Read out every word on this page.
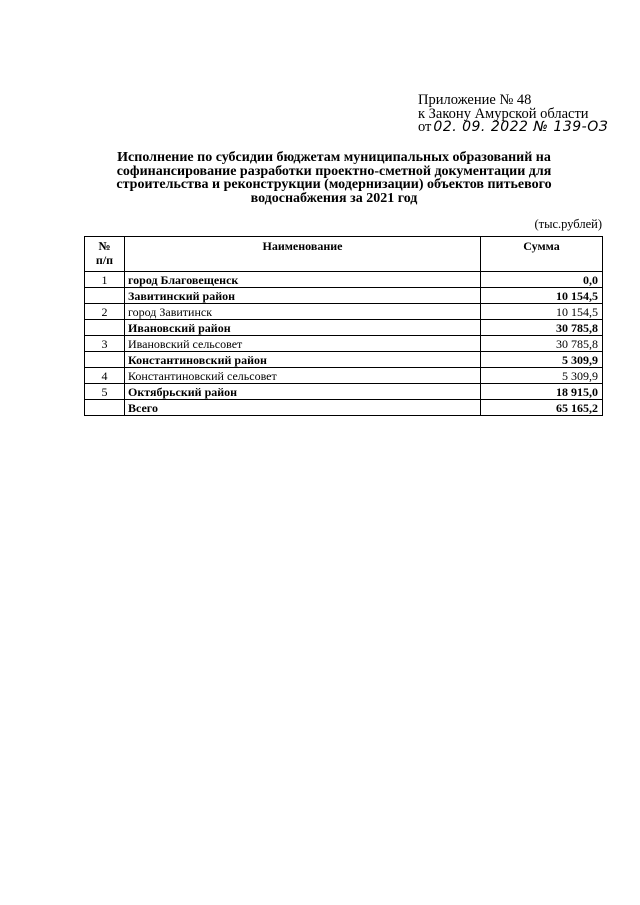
Приложение № 48
к Закону Амурской области
от 02. 09. 2022 № 139-ОЗ
Исполнение по субсидии бюджетам муниципальных образований на
софинансирование разработки проектно-сметной документации для
строительства и реконструкции (модернизации) объектов питьевого
водоснабжения за 2021 год
(тыс.рублей)
№
п/п	Наименование	Сумма
1	город Благовещенск	0,0
	Завитинский район	10 154,5
2	город Завитинск	10 154,5
	Ивановский район	30 785,8
3	Ивановский сельсовет	30 785,8
	Константиновский район	5 309,9
4	Константиновский сельсовет	5 309,9
5	Октябрьский район	18 915,0
	Всего	65 165,2
